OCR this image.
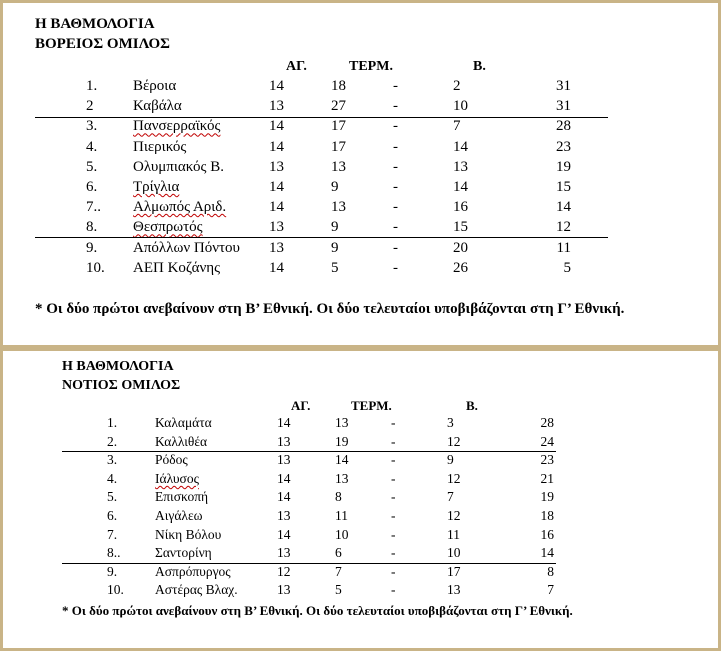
Η ΒΑΘΜΟΛΟΓΙΑ
ΒΟΡΕΙΟΣ ΟΜΙΛΟΣ
ΑΓ.	ΤΕΡΜ.	Β.
1. Βέροια	14	18	-	2	31
2	Καβάλα	13	27	-	10	31
3. Πανσερραϊκός	14	17	-	7	28
4. Πιερικός	14	17	-	14	23
5. Ολυμπιακός Β.	13	13	-	13	19
6. Τρίγλια	14	9	-	14	15
7.. Αλμωπός Αριδ.	14	13	-	16	14
8. Θεσπρωτός	13	9	-	15	12
9. Απόλλων Πόντου 13	9	-	20	11
10. ΑΕΠ Κοζάνης	14	5	-	26	5
* Οι δύο πρώτοι ανεβαίνουν στη Β’ Εθνική. Οι δύο τελευταίοι υποβιβάζονται στη Γ’ Εθνική.
Η ΒΑΘΜΟΛΟΓΙΑ
ΝΟΤΙΟΣ ΟΜΙΛΟΣ
ΑΓ.	ΤΕΡΜ.	Β.
1.	Καλαμάτα	14	13	-	3	28
2.	Καλλιθέα	13	19	-	12	24
3.	Ρόδος	13	14	-	9	23
4.	Ιάλυσος	14	13	-	12	21
5.	Επισκοπή	14	8	-	7	19
6.	Αιγάλεω	13	11	-	12	18
7.	Νίκη Βόλου	14	10	-	11	16
8..	Σαντορίνη	13	6	-	10	14
9.	Ασπρόπυργος	12	7	-	17	8
10. Αστέρας Βλαχ.	13	5	-	13	7
* Οι δύο πρώτοι ανεβαίνουν στη Β’ Εθνική. Οι δύο τελευταίοι υποβιβάζονται στη Γ’ Εθνική.
